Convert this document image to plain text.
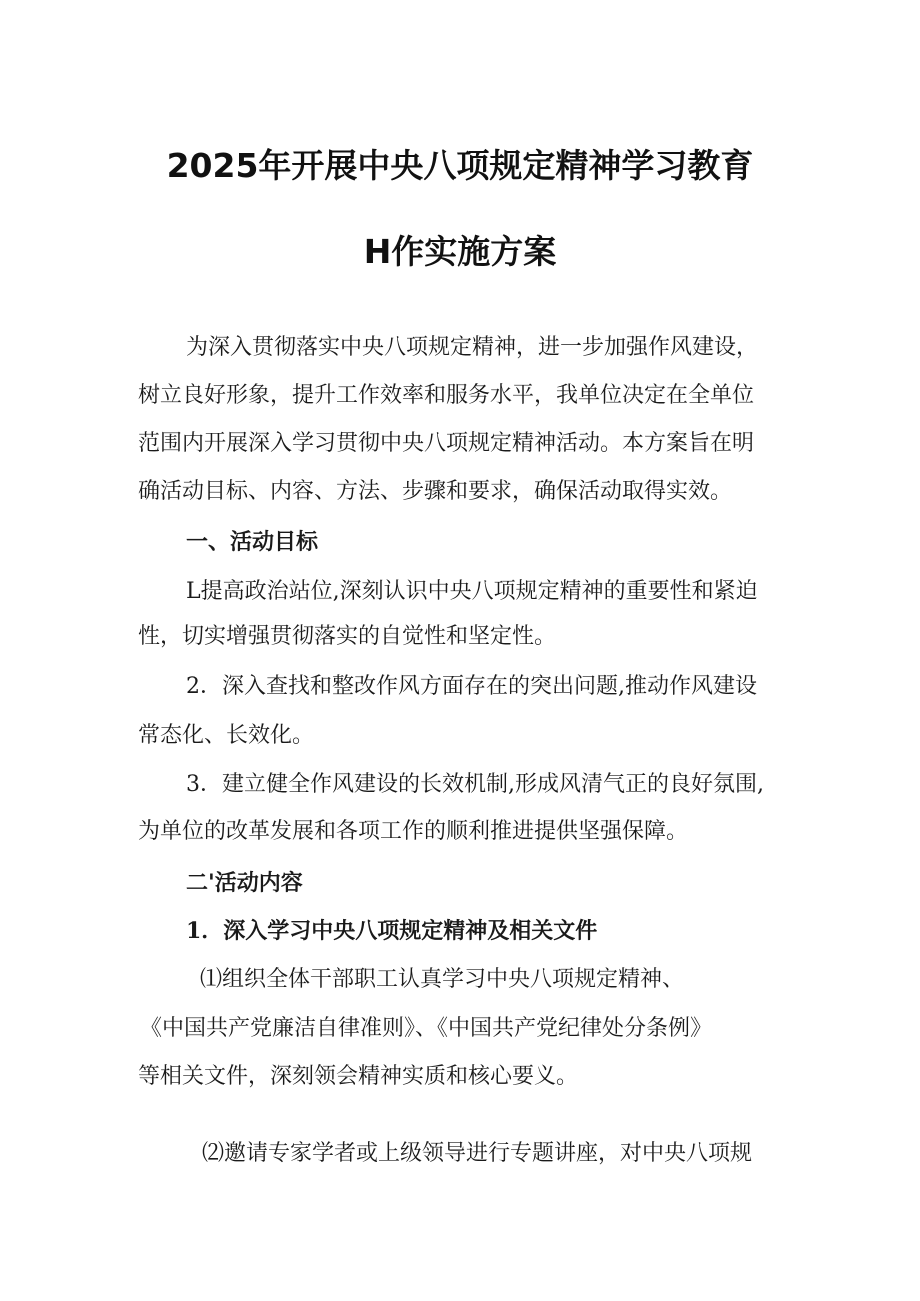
2025年开展中央八项规定精神学习教育
H作实施方案
为深入贯彻落实中央八项规定精神，进一步加强作风建设，
树立良好形象，提升工作效率和服务水平，我单位决定在全单位
范围内开展深入学习贯彻中央八项规定精神活动。本方案旨在明
确活动目标、内容、方法、步骤和要求，确保活动取得实效。
一、活动目标
L提高政治站位,深刻认识中央八项规定精神的重要性和紧迫
性，切实增强贯彻落实的自觉性和坚定性。
2．深入查找和整改作风方面存在的突出问题,推动作风建设
常态化、长效化。
3．建立健全作风建设的长效机制,形成风清气正的良好氛围,
为单位的改革发展和各项工作的顺利推进提供坚强保障。
二'活动内容
1．深入学习中央八项规定精神及相关文件
⑴组织全体干部职工认真学习中央八项规定精神、
《中国共产党廉洁自律准则》、《中国共产党纪律处分条例》
等相关文件，深刻领会精神实质和核心要义。
⑵邀请专家学者或上级领导进行专题讲座，对中央八项规
